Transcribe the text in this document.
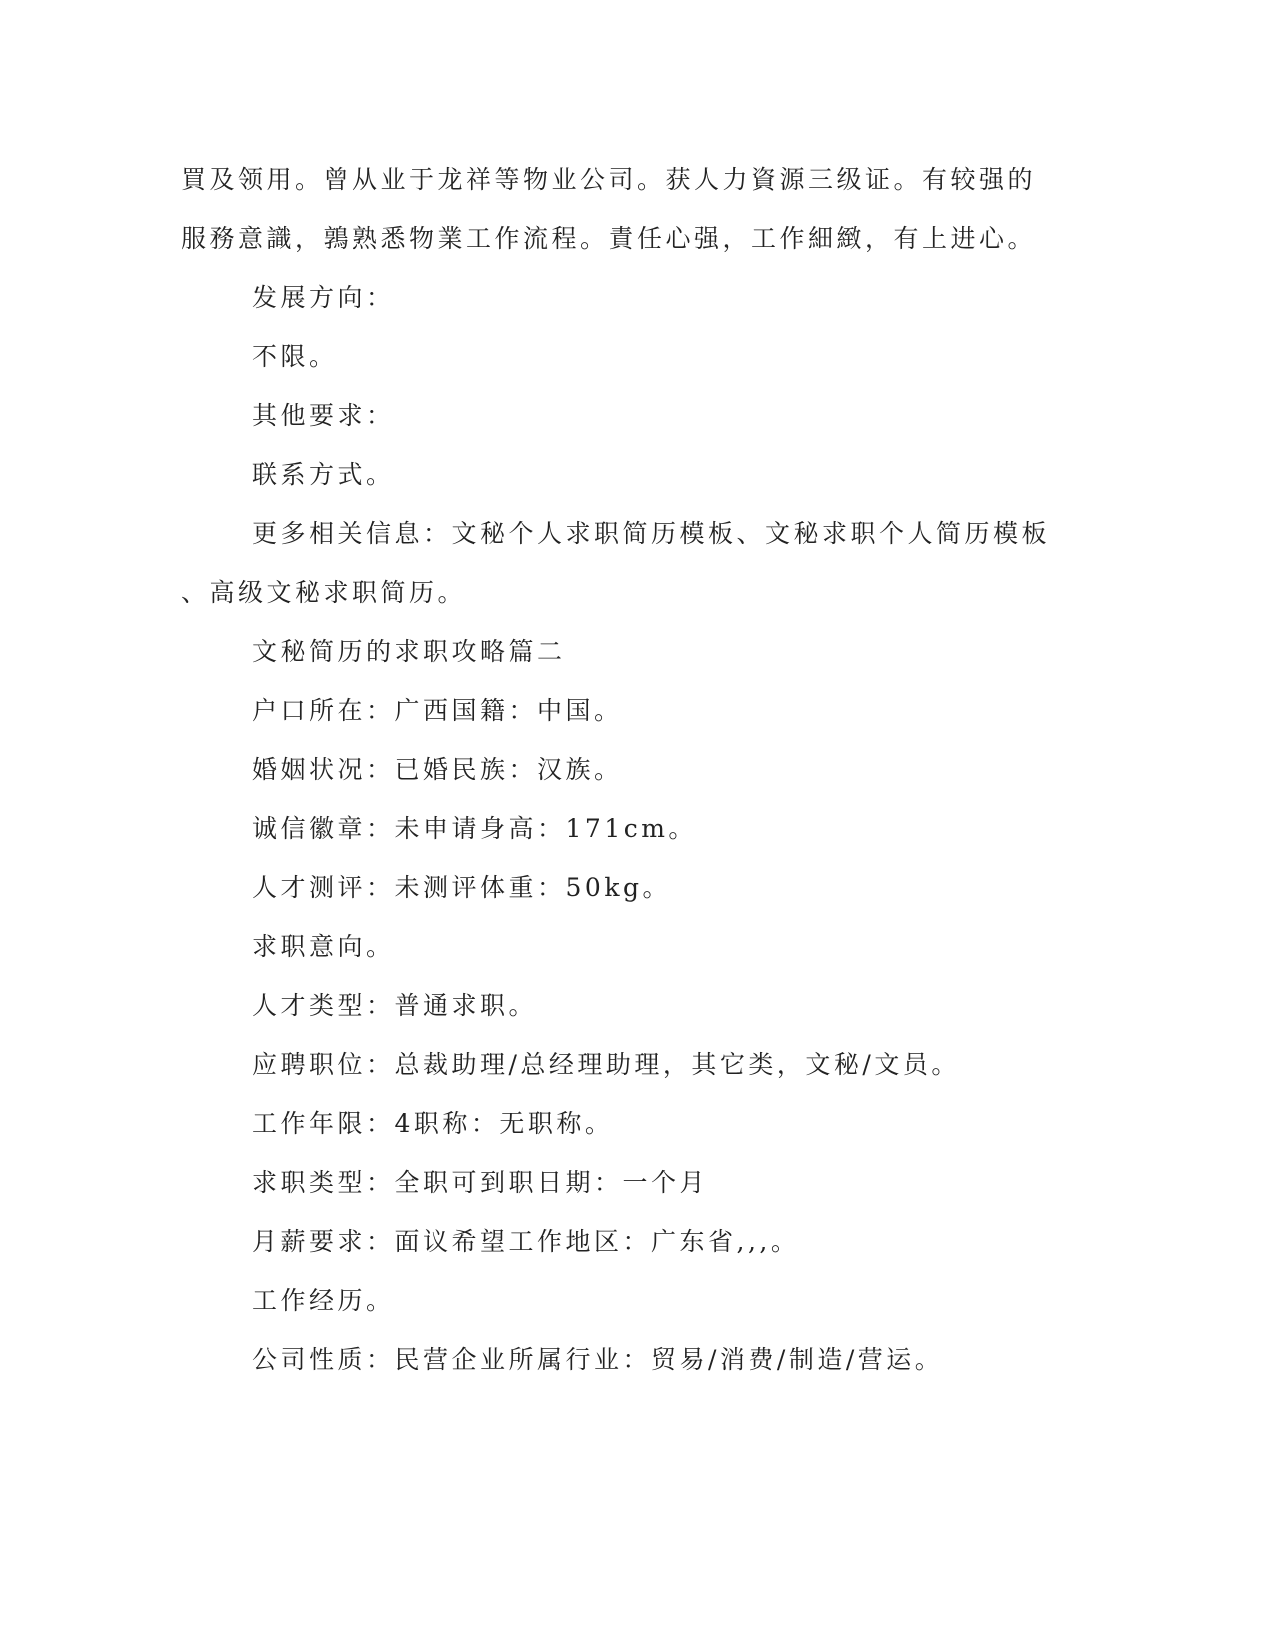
買及领用。曾从业于龙祥等物业公司。获人力資源三级证。有较强的
服務意識，鶉熟悉物業工作流程。責任心强，工作細緻，有上进心。
发展方向：
不限。
其他要求：
联系方式。
更多相关信息：文秘个人求职简历模板、文秘求职个人简历模板
、高级文秘求职简历。
文秘简历的求职攻略篇二
户口所在：广西国籍：中国。
婚姻状况：已婚民族：汉族。
诚信徽章：未申请身高：171cm。
人才测评：未测评体重：50kg。
求职意向。
人才类型：普通求职。
应聘职位：总裁助理/总经理助理，其它类，文秘/文员。
工作年限：4职称：无职称。
求职类型：全职可到职日期：一个月
月薪要求：面议希望工作地区：广东省,,,。
工作经历。
公司性质：民营企业所属行业：贸易/消费/制造/营运。
